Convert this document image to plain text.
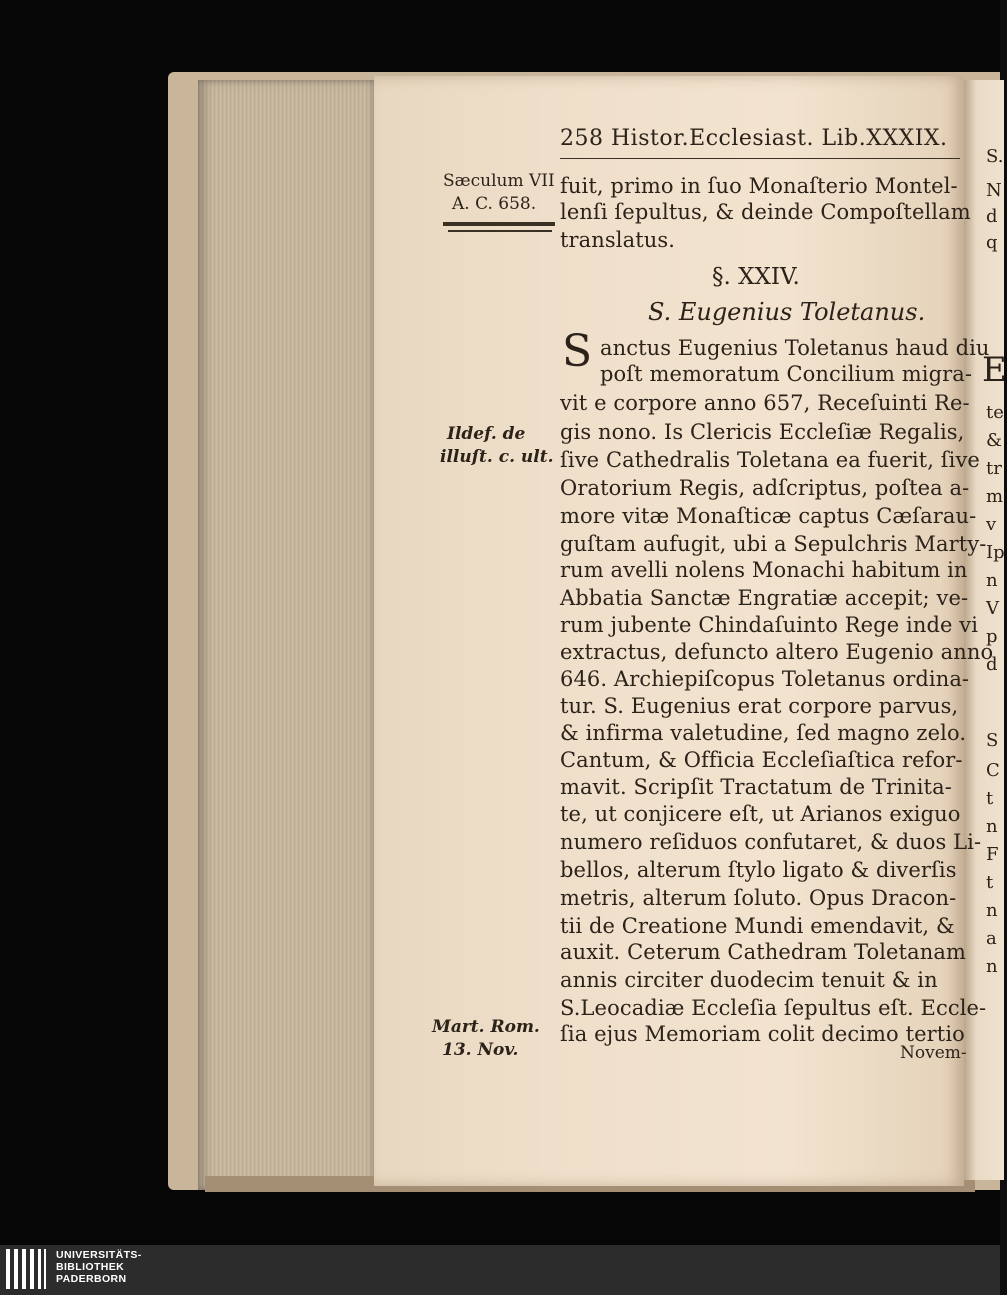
S.
N
d
q
E
te
&
tr
m
v
Ip
n
V
p
d
S
C
t
n
F
t
n
a
n
258 Histor.Ecclesiast. Lib.XXXIX.
Sæculum VII
A. C. 658.
Ildef. de
illuſt. c. ult.
Mart. Rom.
13. Nov.
§. XXIV.
S. Eugenius Toletanus.
S
fuit, primo in ſuo Monaſterio Montel-
lenſi ſepultus, & deinde Compoſtellam
translatus.
anctus Eugenius Toletanus haud diu
poſt memoratum Concilium migra-
vit e corpore anno 657, Receſuinti Re-
gis nono. Is Clericis Eccleſiæ Regalis,
ſive Cathedralis Toletana ea fuerit, ſive
Oratorium Regis, adſcriptus, poſtea a-
more vitæ Monaſticæ captus Cæſarau-
guſtam aufugit, ubi a Sepulchris Marty-
rum avelli nolens Monachi habitum in
Abbatia Sanctæ Engratiæ accepit; ve-
rum jubente Chindaſuinto Rege inde vi
extractus, defuncto altero Eugenio anno
646. Archiepiſcopus Toletanus ordina-
tur. S. Eugenius erat corpore parvus,
& infirma valetudine, ſed magno zelo.
Cantum, & Officia Eccleſiaſtica refor-
mavit. Scripſit Tractatum de Trinita-
te, ut conjicere eſt, ut Arianos exiguo
numero reſiduos confutaret, & duos Li-
bellos, alterum ſtylo ligato & diverſis
metris, alterum ſoluto. Opus Dracon-
tii de Creatione Mundi emendavit, &
auxit. Ceterum Cathedram Toletanam
annis circiter duodecim tenuit & in
S.Leocadiæ Eccleſia ſepultus eſt. Eccle-
ſia ejus Memoriam colit decimo tertio
Novem-
UNIVERSITÄTS-
BIBLIOTHEK
PADERBORN
